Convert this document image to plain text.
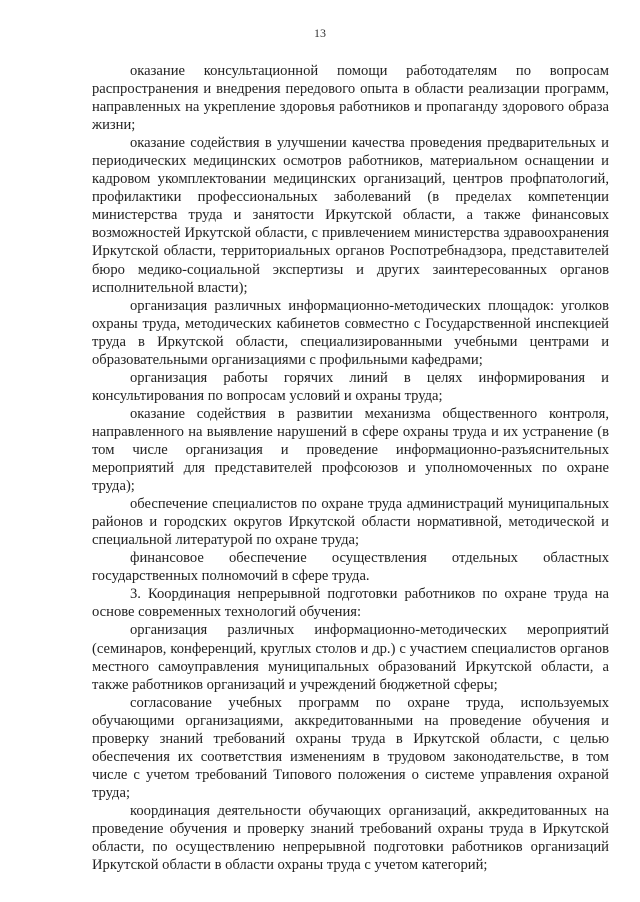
13

оказание консультационной помощи работодателям по вопросам распространения и внедрения передового опыта в области реализации программ, направленных на укрепление здоровья работников и пропаганду здорового образа жизни;

оказание содействия в улучшении качества проведения предварительных и периодических медицинских осмотров работников, материальном оснащении и кадровом укомплектовании медицинских организаций, центров профпатологий, профилактики профессиональных заболеваний (в пределах компетенции министерства труда и занятости Иркутской области, а также финансовых возможностей Иркутской области, с привлечением министерства здравоохранения Иркутской области, территориальных органов Роспотребнадзора, представителей бюро медико-социальной экспертизы и других заинтересованных органов исполнительной власти);

организация различных информационно-методических площадок: уголков охраны труда, методических кабинетов совместно с Государственной инспекцией труда в Иркутской области, специализированными учебными центрами и образовательными организациями с профильными кафедрами;

организация работы горячих линий в целях информирования и консультирования по вопросам условий и охраны труда;

оказание содействия в развитии механизма общественного контроля, направленного на выявление нарушений в сфере охраны труда и их устранение (в том числе организация и проведение информационно-разъяснительных мероприятий для представителей профсоюзов и уполномоченных по охране труда);

обеспечение специалистов по охране труда администраций муниципальных районов и городских округов Иркутской области нормативной, методической и специальной литературой по охране труда;

финансовое обеспечение осуществления отдельных областных государственных полномочий в сфере труда.

3. Координация непрерывной подготовки работников по охране труда на основе современных технологий обучения:

организация различных информационно-методических мероприятий (семинаров, конференций, круглых столов и др.) с участием специалистов органов местного самоуправления муниципальных образований Иркутской области, а также работников организаций и учреждений бюджетной сферы;

согласование учебных программ по охране труда, используемых обучающими организациями, аккредитованными на проведение обучения и проверку знаний требований охраны труда в Иркутской области, с целью обеспечения их соответствия изменениям в трудовом законодательстве, в том числе с учетом требований Типового положения о системе управления охраной труда;

координация деятельности обучающих организаций, аккредитованных на проведение обучения и проверку знаний требований охраны труда в Иркутской области, по осуществлению непрерывной подготовки работников организаций Иркутской области в области охраны труда с учетом категорий;
